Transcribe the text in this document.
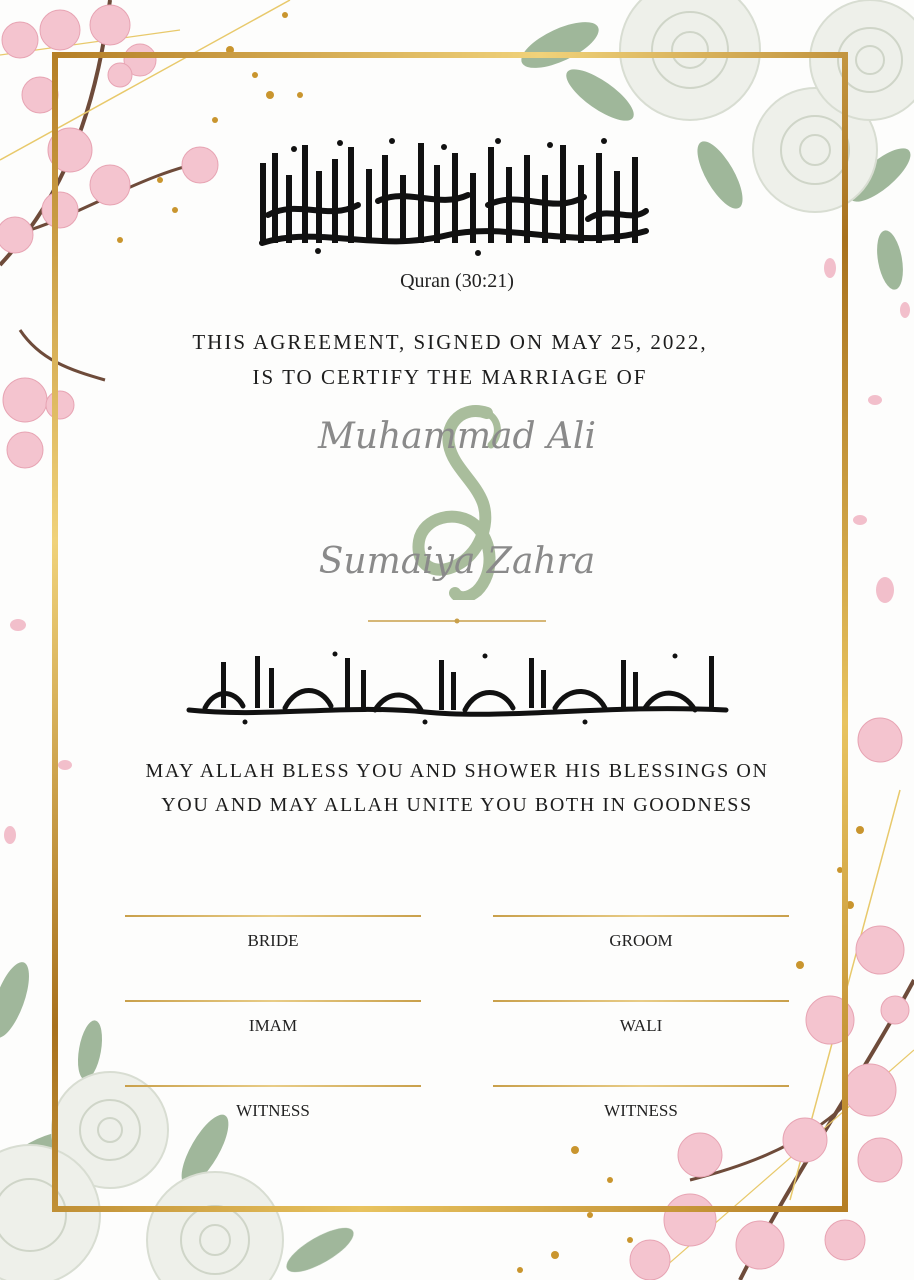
Quran (30:21)
THIS AGREEMENT, SIGNED ON MAY 25, 2022, IS TO CERTIFY THE MARRIAGE OF
Muhammad Ali
Sumaiya Zahra
MAY ALLAH BLESS YOU AND SHOWER HIS BLESSINGS ON YOU AND MAY ALLAH UNITE YOU BOTH IN GOODNESS
BRIDE	GROOM
IMAM	WALI
WITNESS	WITNESS
